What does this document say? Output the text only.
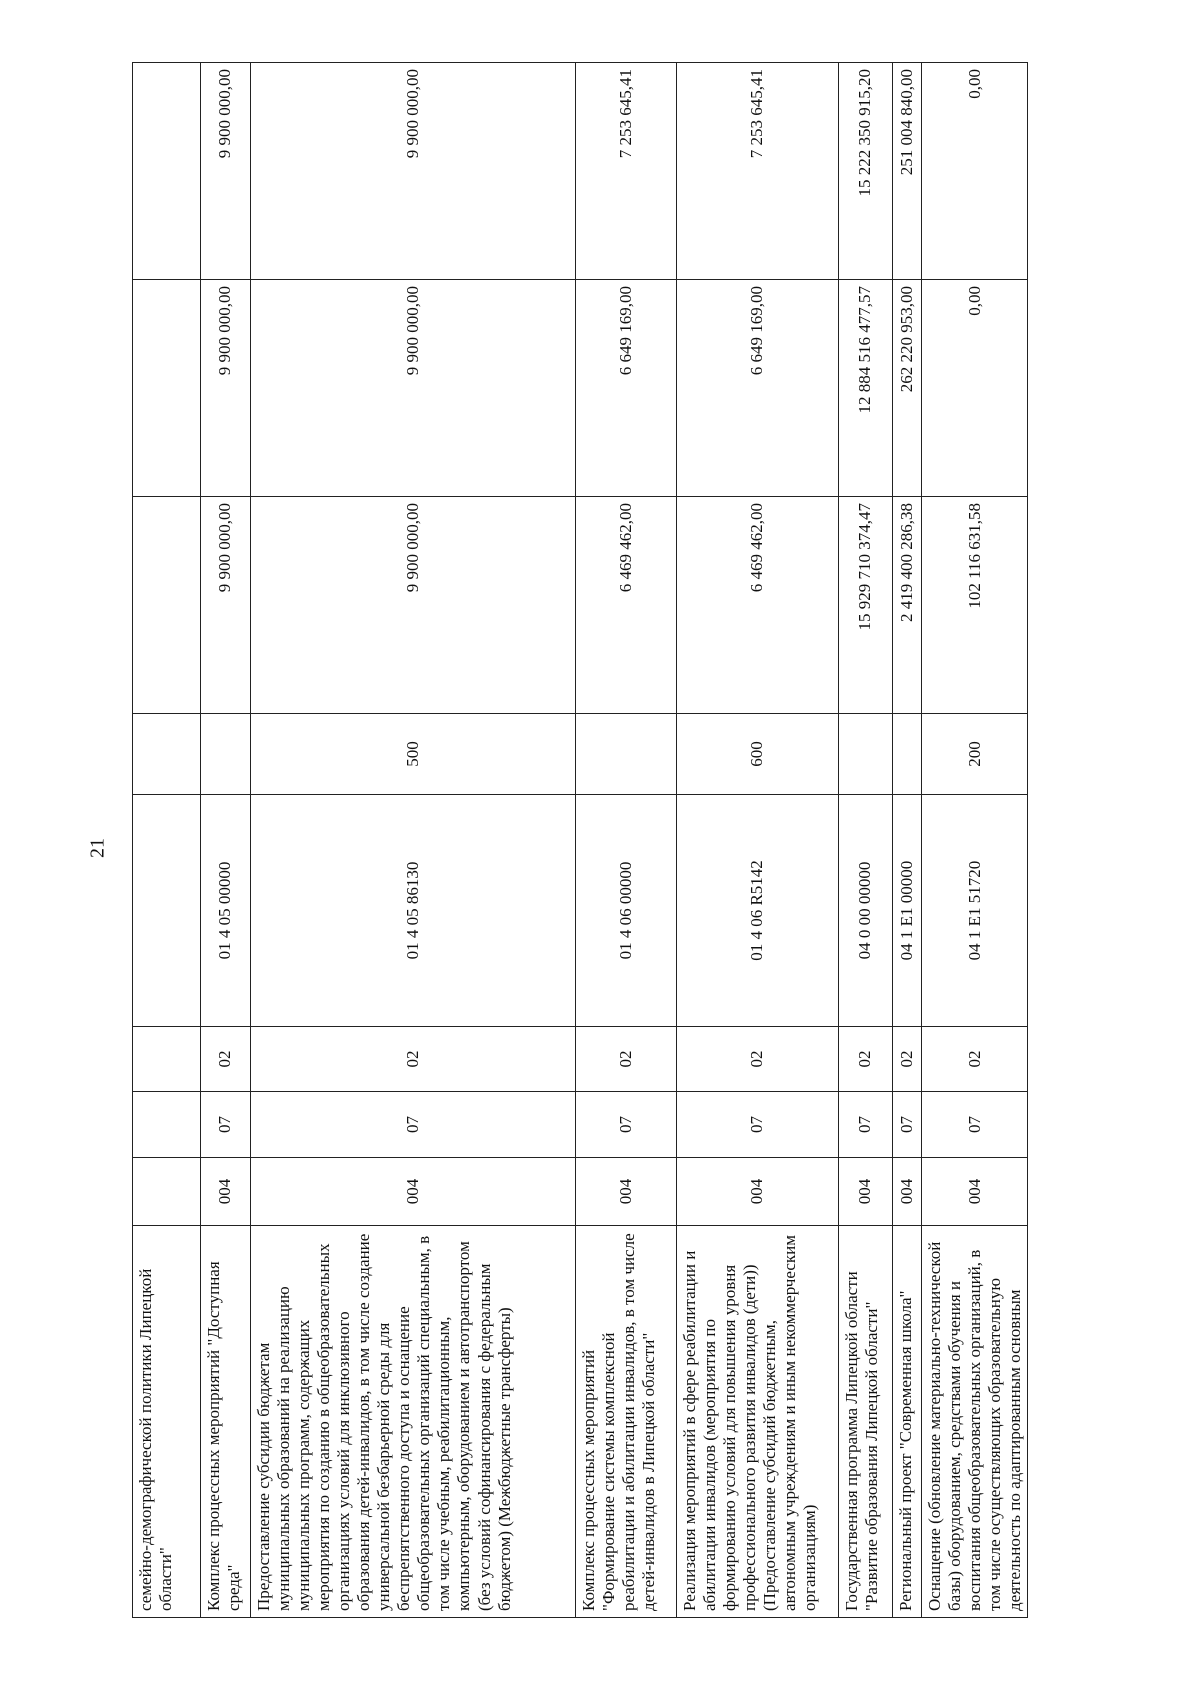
21
семейно-демографической политики Липецкой области"								
Комплекс процессных мероприятий "Доступная среда"	004	07	02	01 4 05 00000		9 900 000,00	9 900 000,00	9 900 000,00
Предоставление субсидии бюджетам муниципальных образований на реализацию муниципальных программ, содержащих мероприятия по созданию в общеобразовательных организациях условий для инклюзивного образования детей-инвалидов, в том числе создание универсальной безбарьерной среды для беспрепятственного доступа и оснащение общеобразовательных организаций специальным, в том числе учебным, реабилитационным, компьютерным, оборудованием и автотранспортом (без условий софинансирования с федеральным бюджетом) (Межбюджетные трансферты)	004	07	02	01 4 05 86130	500	9 900 000,00	9 900 000,00	9 900 000,00
Комплекс процессных мероприятий "Формирование системы комплексной реабилитации и абилитации инвалидов, в том числе детей-инвалидов в Липецкой области"	004	07	02	01 4 06 00000		6 469 462,00	6 649 169,00	7 253 645,41
Реализация мероприятий в сфере реабилитации и абилитации инвалидов (мероприятия по формированию условий для повышения уровня профессионального развития инвалидов (дети)) (Предоставление субсидий бюджетным, автономным учреждениям и иным некоммерческим организациям)	004	07	02	01 4 06 R5142	600	6 469 462,00	6 649 169,00	7 253 645,41
Государственная программа Липецкой области "Развитие образования Липецкой области"	004	07	02	04 0 00 00000		15 929 710 374,47	12 884 516 477,57	15 222 350 915,20
Региональный проект "Современная школа"	004	07	02	04 1 E1 00000		2 419 400 286,38	262 220 953,00	251 004 840,00
Оснащение (обновление материально-технической базы) оборудованием, средствами обучения и воспитания общеобразовательных организаций, в том числе осуществляющих образовательную деятельность по адаптированным основным	004	07	02	04 1 E1 51720	200	102 116 631,58	0,00	0,00
